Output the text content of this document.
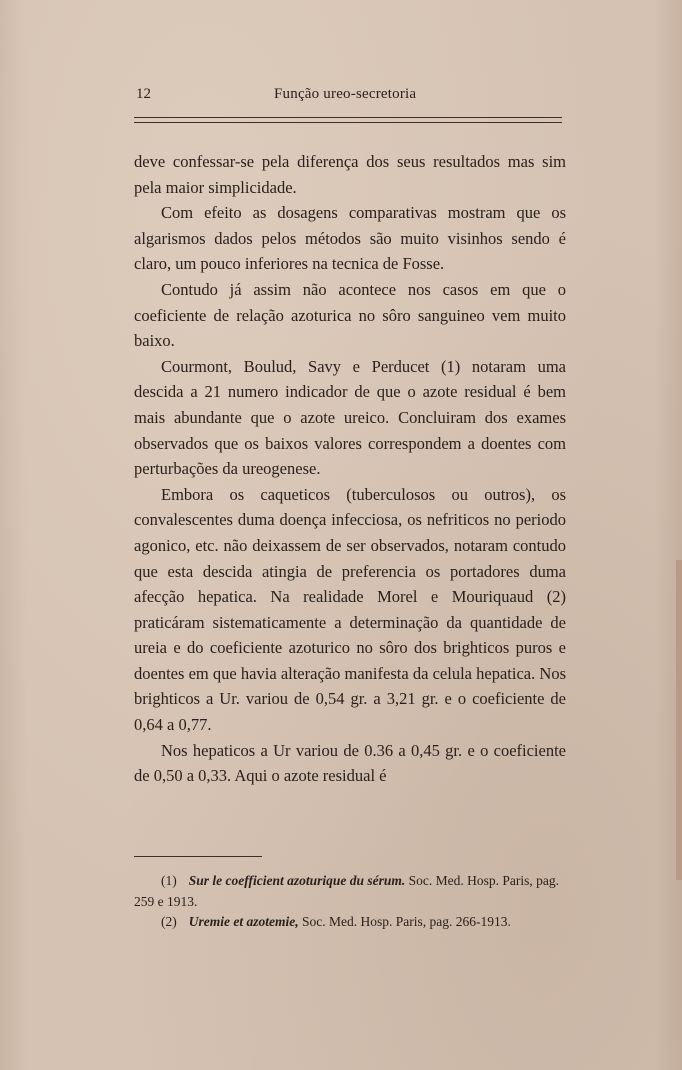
12	Função ureo-secretoria

deve confessar-se pela diferença dos seus resultados mas sim pela maior simplicidade.

Com efeito as dosagens comparativas mostram que os algarismos dados pelos métodos são muito visinhos sendo é claro, um pouco inferiores na tecnica de Fosse.

Contudo já assim não acontece nos casos em que o coeficiente de relação azoturica no sôro sanguineo vem muito baixo.

Courmont, Boulud, Savy e Perducet (1) notaram uma descida a 21 numero indicador de que o azote residual é bem mais abundante que o azote ureico. Concluiram dos exames observados que os baixos valores correspondem a doentes com perturbações da ureogenese.

Embora os caqueticos (tuberculosos ou outros), os convalescentes duma doença infecciosa, os nefriticos no periodo agonico, etc. não deixassem de ser observados, notaram contudo que esta descida atingia de preferencia os portadores duma afecção hepatica. Na realidade Morel e Mouriquaud (2) praticáram sistematicamente a determinação da quantidade de ureia e do coeficiente azoturico no sôro dos brighticos puros e doentes em que havia alteração manifesta da celula hepatica. Nos brighticos a Ur. variou de 0,54 gr. a 3,21 gr. e o coeficiente de 0,64 a 0,77.

Nos hepaticos a Ur variou de 0.36 a 0,45 gr. e o coeficiente de 0,50 a 0,33. Aqui o azote residual é

(1) Sur le coefficient azoturique du sérum. Soc. Med. Hosp. Paris, pag. 259 e 1913.

(2) Uremie et azotemie, Soc. Med. Hosp. Paris, pag. 266-1913.
